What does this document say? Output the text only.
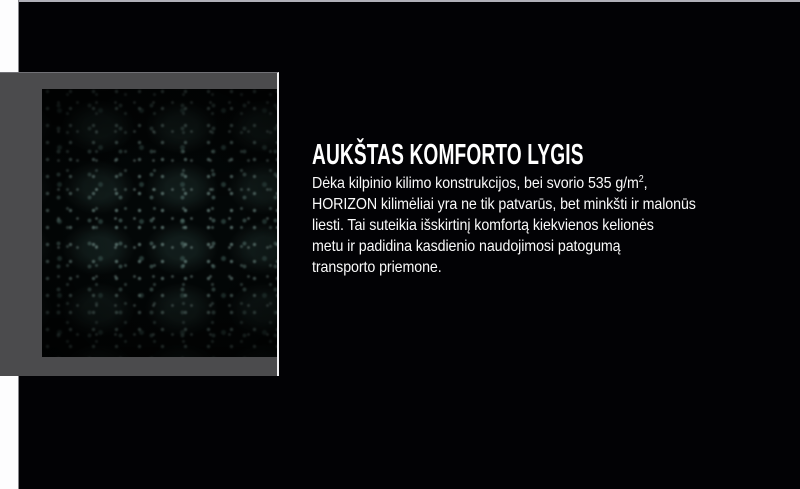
AUKŠTAS KOMFORTO LYGIS
Dėka kilpinio kilimo konstrukcijos, bei svorio 535 $g/m^2$,
HORIZON kilimėliai yra ne tik patvarūs, bet minkšti ir malonūs
liesti. Tai suteikia išskirtinį komfortą kiekvienos kelionės
metu ir padidina kasdienio naudojimosi patogumą
transporto priemone.
